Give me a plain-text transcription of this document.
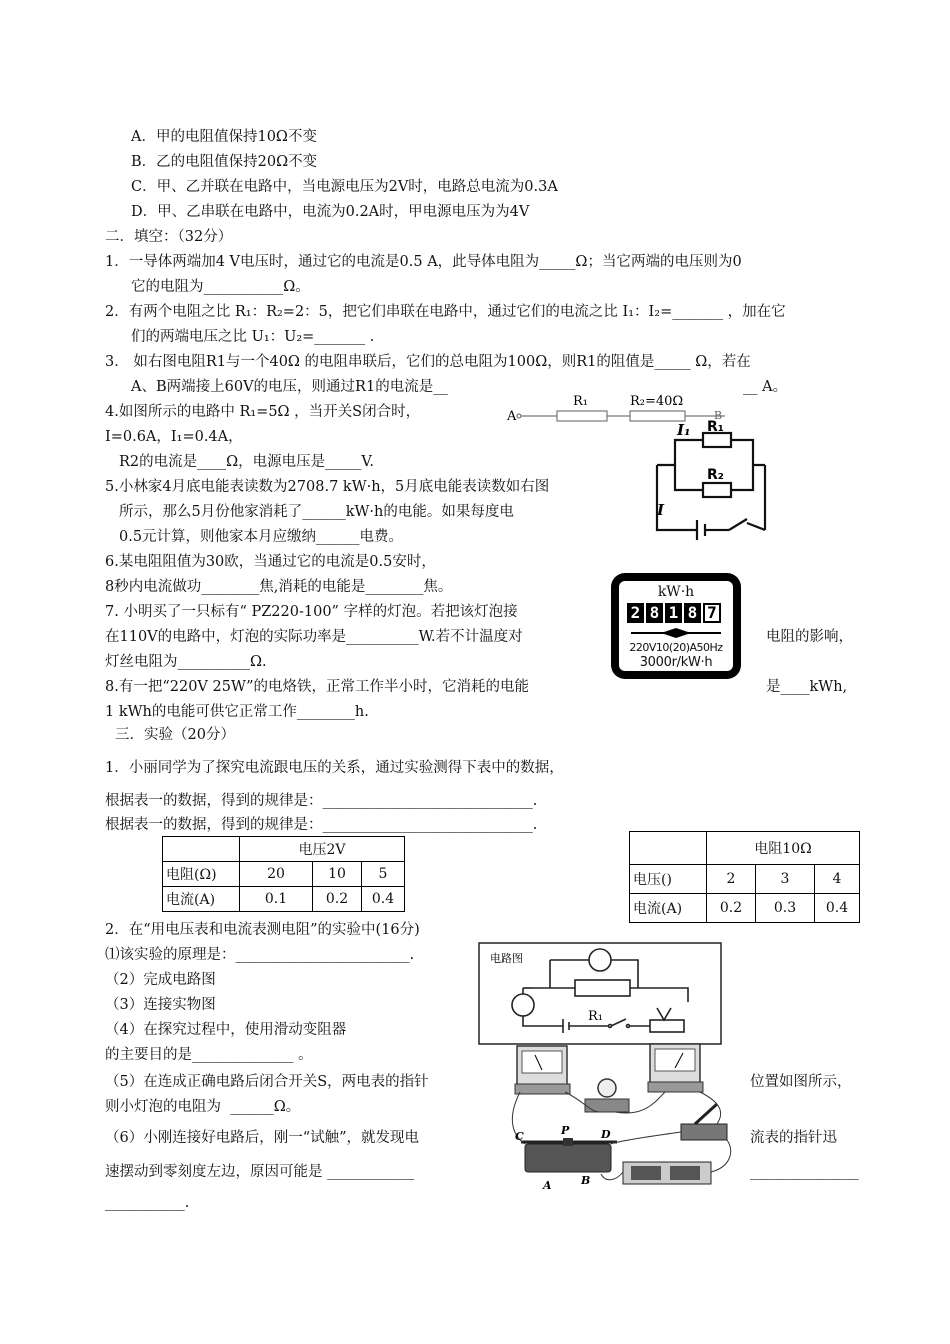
A．甲的电阻值保持10Ω不变
B．乙的电阻值保持20Ω不变
C．甲、乙并联在电路中，当电源电压为2V时，电路总电流为0.3A
D．甲、乙串联在电路中，电流为0.2A时，甲电源电压为为4V
二．填空：（32分）
1．一导体两端加4 V电压时，通过它的电流是0.5 A，此导体电阻为_____Ω；当它两端的电压则为0
它的电阻为___________Ω。
2．有两个电阻之比 R₁：R₂=2：5，把它们串联在电路中，通过它们的电流之比 I₁：I₂=_______ ，加在它
们的两端电压之比 U₁：U₂=_______ .
3． 如右图电阻R1与一个40Ω 的电阻串联后，它们的总电阻为100Ω，则R1的阻值是_____ Ω，若在
A、B两端接上60V的电压，则通过R1的电流是__	__ A。
4.如图所示的电路中 R₁=5Ω ，当开关S闭合时，
I=0.6A，I₁=0.4A，
R2的电流是____Ω，电源电压是_____V.
5.小林家4月底电能表读数为2708.7 kW·h，5月底电能表读数如右图
所示，那么5月份他家消耗了______kW·h的电能。如果每度电
0.5元计算，则他家本月应缴纳______电费。
6.某电阻阻值为30欧，当通过它的电流是0.5安时，
8秒内电流做功________焦,消耗的电能是________焦。
7. 小明买了一只标有“ PZ220-100” 字样的灯泡。若把该灯泡接
在110V的电路中，灯泡的实际功率是__________W.若不计温度对	电阻的影响，
灯丝电阻为__________Ω.
8.有一把“220V 25W”的电烙铁，正常工作半小时，它消耗的电能	是____kWh,
1 kWh的电能可供它正常工作________h.
A
R₁	R₂=40Ω
B
I₁ R₁
R₂
I
kW·h
2 8 1 8 7
220V10(20)A50Hz
3000r/kW·h
三．实验（20分）
1．小丽同学为了探究电流跟电压的关系，通过实验测得下表中的数据，
根据表一的数据，得到的规律是：_____________________________.
根据表一的数据，得到的规律是：_____________________________.
	电压2V		
电阻(Ω)	20	10	5
电流(A)	0.1	0.2	0.4
	电阻10Ω		
电压()	2	3	4
电流(A)	0.2	0.3	0.4
2．在“用电压表和电流表测电阻”的实验中(16分)
⑴该实验的原理是：________________________.
（2）完成电路图
（3）连接实物图
（4）在探究过程中，使用滑动变阻器
的主要目的是______________ 。
（5）在连成正确电路后闭合开关S，两电表的指针	位置如图所示，
则小灯泡的电阻为  ______Ω。
（6）小刚连接好电路后，刚一“试触”，就发现电	流表的指针迅
速摆动到零刻度左边，原因可能是 ____________	_______________
___________.
电路图
R₁
C	P	D
A	B
